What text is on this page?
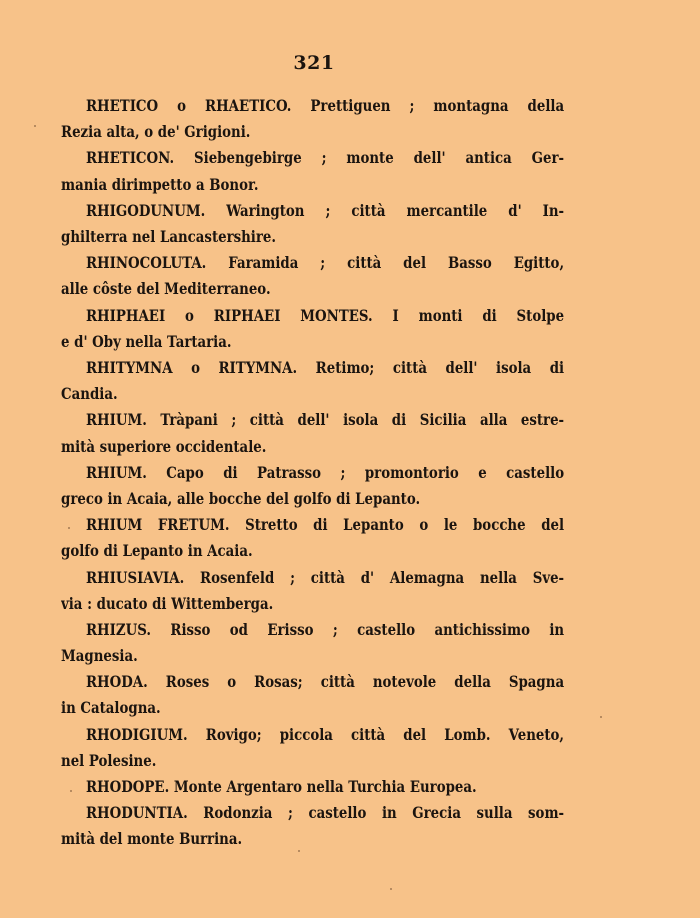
321
RHETICO o RHAETICO. Prettiguen ; montagna della
Rezia alta, o de' Grigioni.
RHETICON. Siebengebirge ; monte dell' antica Ger-
mania dirimpetto a Bonor.
RHIGODUNUM. Warington ; città mercantile d' In-
ghilterra nel Lancastershire.
RHINOCOLUTA. Faramida ; città del Basso Egitto,
alle côste del Mediterraneo.
RHIPHAEI o RIPHAEI MONTES. I monti di Stolpe
e d' Oby nella Tartaria.
RHITYMNA o RITYMNA. Retimo; città dell' isola di
Candia.
RHIUM. Tràpani ; città dell' isola di Sicilia alla estre-
mità superiore occidentale.
RHIUM. Capo di Patrasso ; promontorio e castello
greco in Acaia, alle bocche del golfo di Lepanto.
RHIUM FRETUM. Stretto di Lepanto o le bocche del
golfo di Lepanto in Acaia.
RHIUSIAVIA. Rosenfeld ; città d' Alemagna nella Sve-
via : ducato di Wittemberga.
RHIZUS. Risso od Erisso ; castello antichissimo in
Magnesia.
RHODA. Roses o Rosas; città notevole della Spagna
in Catalogna.
RHODIGIUM. Rovigo; piccola città del Lomb. Veneto,
nel Polesine.
RHODOPE. Monte Argentaro nella Turchia Europea.
RHODUNTIA. Rodonzia ; castello in Grecia sulla som-
mità del monte Burrina.
